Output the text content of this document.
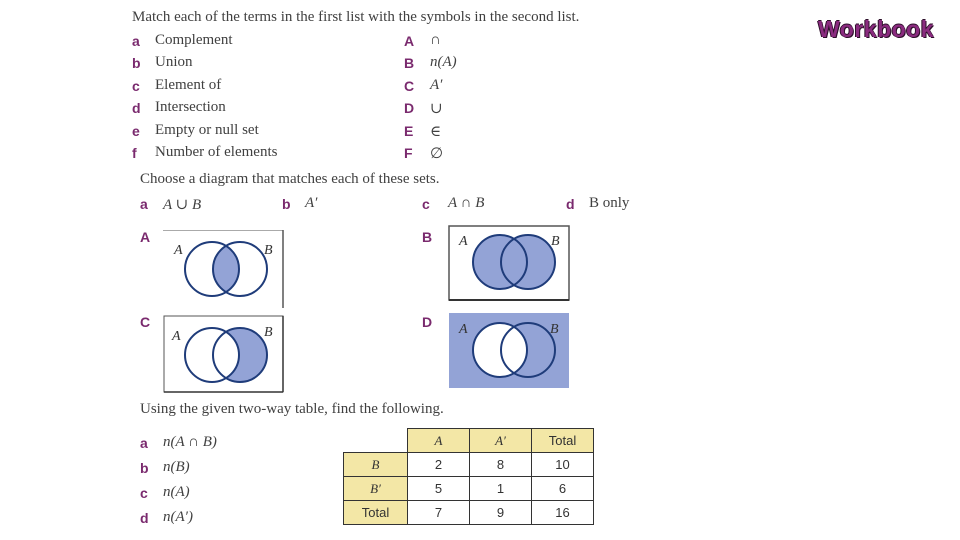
Workbook
Match each of the terms in the first list with the symbols in the second list.
a Complement
b Union
c Element of
d Intersection
e Empty or null set
f Number of elements
A ∩
B n(A)
C A′
D ∪
E ∈
F ∅
Choose a diagram that matches each of these sets.
a A ∪ B	b A′	c A ∩ B	d B only
A	B
C	D
A	B
A	B
A	B	A	B
Using the given two-way table, find the following.
a n(A ∩ B)
b n(B)
c n(A)
d n(A′)
	A	A′	Total
B	2	8	10
B′	5	1	6
Total	7	9	16
